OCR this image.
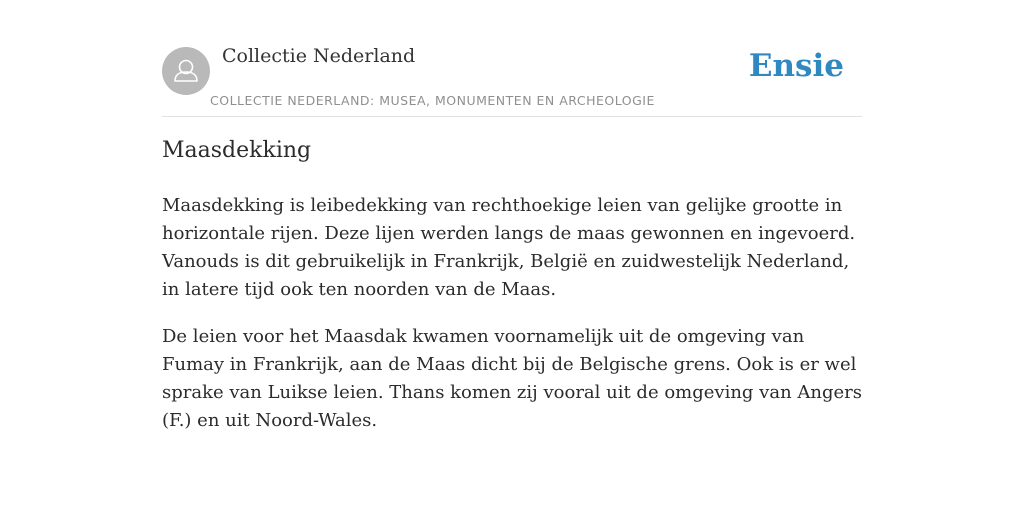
Collectie Nederland
COLLECTIE NEDERLAND: MUSEA, MONUMENTEN EN ARCHEOLOGIE
Ensie
Maasdekking

Maasdekking is leibedekking van rechthoekige leien van gelijke grootte in horizontale rijen. Deze lijen werden langs de maas gewonnen en ingevoerd. Vanouds is dit gebruikelijk in Frankrijk, België en zuidwestelijk Nederland, in latere tijd ook ten noorden van de Maas.

De leien voor het Maasdak kwamen voornamelijk uit de omgeving van Fumay in Frankrijk, aan de Maas dicht bij de Belgische grens. Ook is er wel sprake van Luikse leien. Thans komen zij vooral uit de omgeving van Angers (F.) en uit Noord-Wales.
